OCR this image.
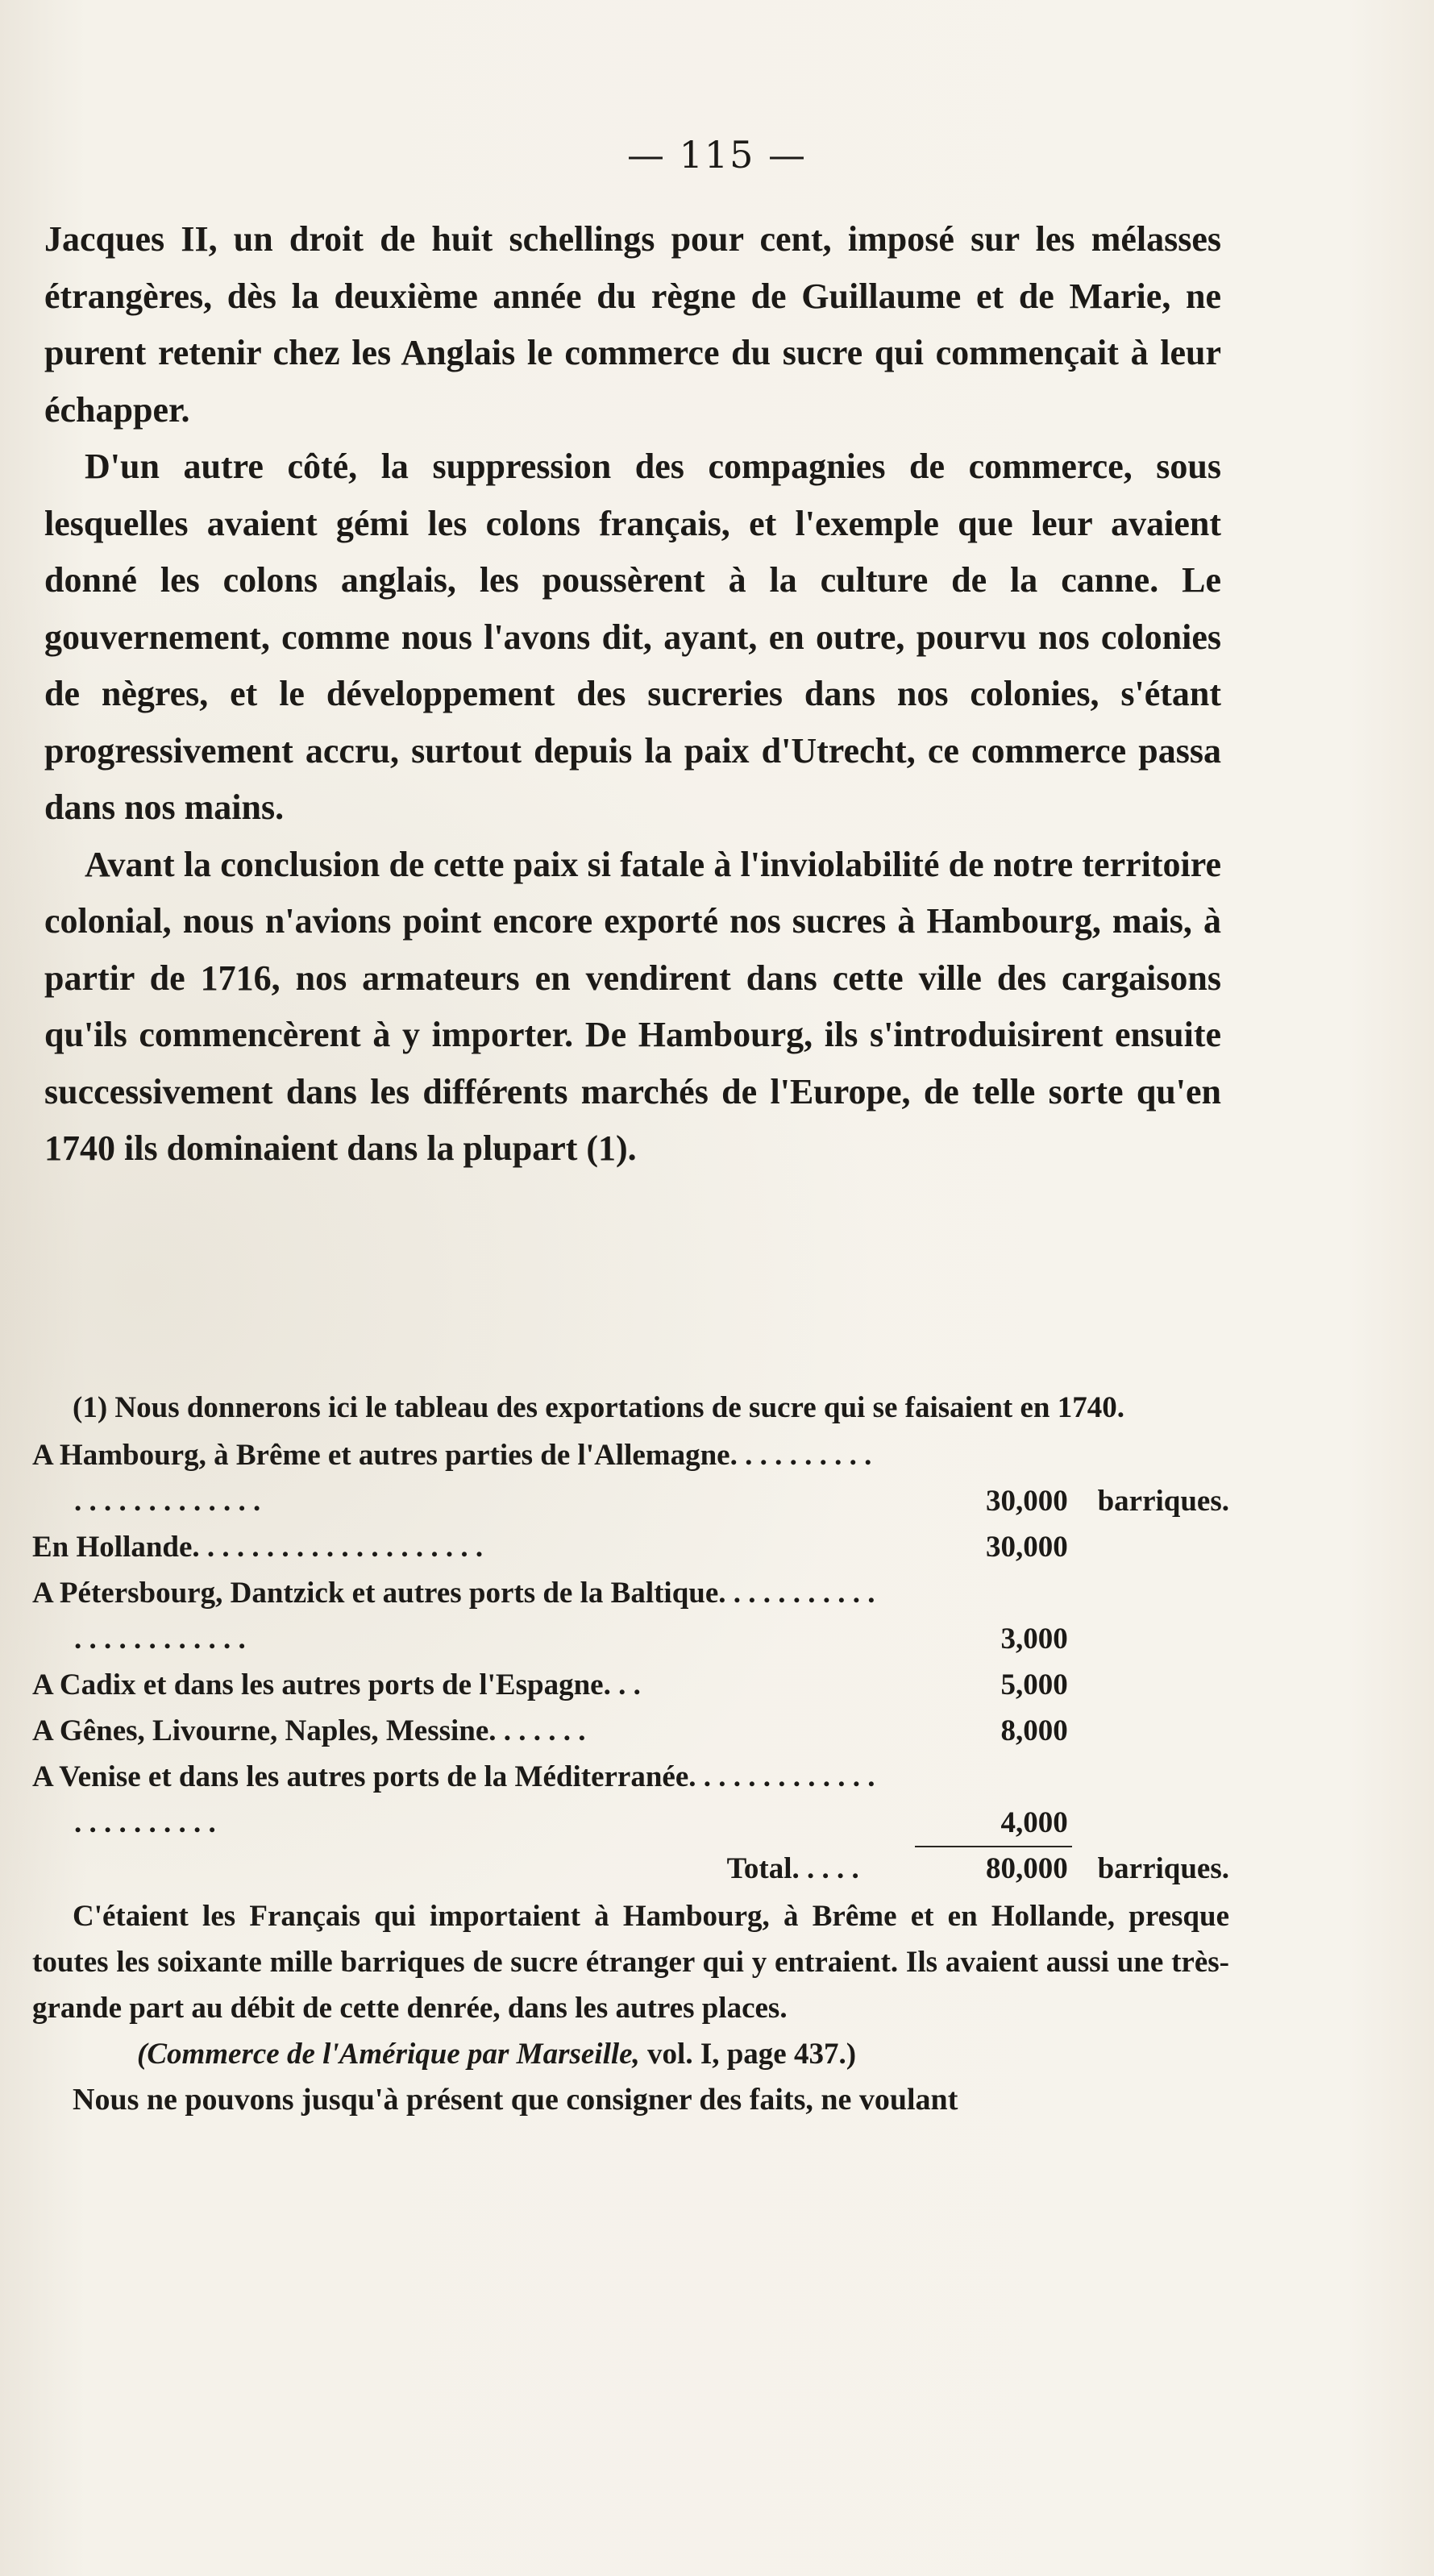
— 115 —

Jacques II, un droit de huit schellings pour cent, imposé sur les mélasses étrangères, dès la deuxième année du règne de Guillaume et de Marie, ne purent retenir chez les Anglais le commerce du sucre qui commençait à leur échapper.

D'un autre côté, la suppression des compagnies de commerce, sous lesquelles avaient gémi les colons français, et l'exemple que leur avaient donné les colons anglais, les poussèrent à la culture de la canne. Le gouvernement, comme nous l'avons dit, ayant, en outre, pourvu nos colonies de nègres, et le développement des sucreries dans nos colonies, s'étant progressivement accru, surtout depuis la paix d'Utrecht, ce commerce passa dans nos mains.

Avant la conclusion de cette paix si fatale à l'inviolabilité de notre territoire colonial, nous n'avions point encore exporté nos sucres à Hambourg, mais, à partir de 1716, nos armateurs en vendirent dans cette ville des cargaisons qu'ils commencèrent à y importer. De Hambourg, ils s'introduisirent ensuite successivement dans les différents marchés de l'Europe, de telle sorte qu'en 1740 ils dominaient dans la plupart (1).

(1) Nous donnerons ici le tableau des exportations de sucre qui se faisaient en 1740.

A Hambourg, à Brême et autres parties de l'Allemagne. . . . . . . . . . . . . . . . . . . . . . .	30,000 barriques.
En Hollande. . . . . . . . . . . . . . . . . . . .	30,000
A Pétersbourg, Dantzick et autres ports de la Baltique. . . . . . . . . . . . . . . . . . . . . . .	3,000
A Cadix et dans les autres ports de l'Espagne. . .	5,000
A Gênes, Livourne, Naples, Messine. . . . . . .	8,000
A Venise et dans les autres ports de la Méditerranée. . . . . . . . . . . . . . . . . . . . . . .	4,000
Total. . . . .	80,000 barriques.

C'étaient les Français qui importaient à Hambourg, à Brême et en Hollande, presque toutes les soixante mille barriques de sucre étranger qui y entraient. Ils avaient aussi une très-grande part au débit de cette denrée, dans les autres places.

(Commerce de l'Amérique par Marseille, vol. I, page 437.)

Nous ne pouvons jusqu'à présent que consigner des faits, ne voulant
